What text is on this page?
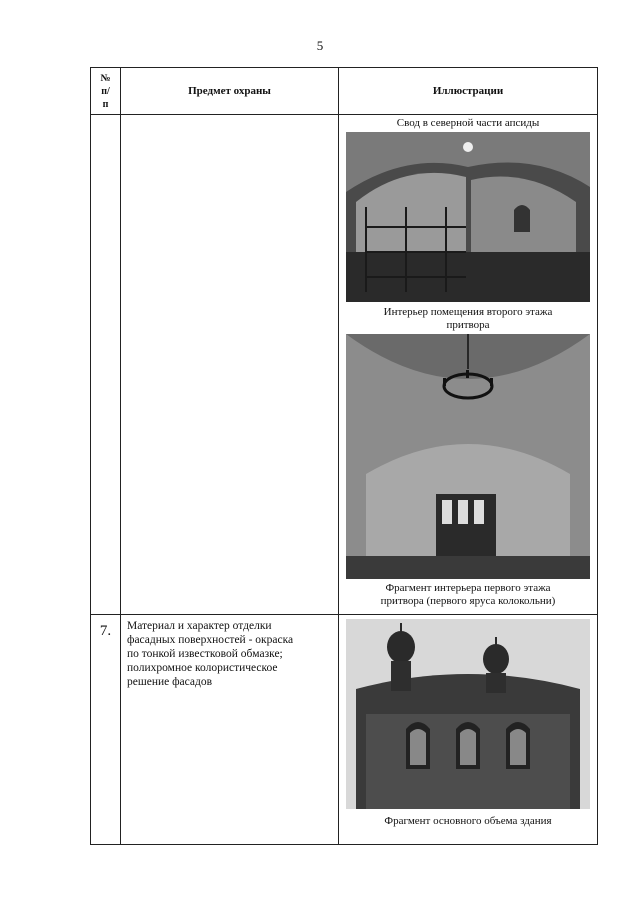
5
№
п/
п	Предмет охраны	Иллюстрации

		Свод в северной части апсиды
Интерьер помещения второго этажа
притвора
Фрагмент интерьера первого этажа
притвора (первого яруса колокольни)

7.	Материал и характер отделки
фасадных поверхностей - окраска
по тонкой известковой обмазке;
полихромное колористическое
решение фасадов	Фрагмент основного объема здания
